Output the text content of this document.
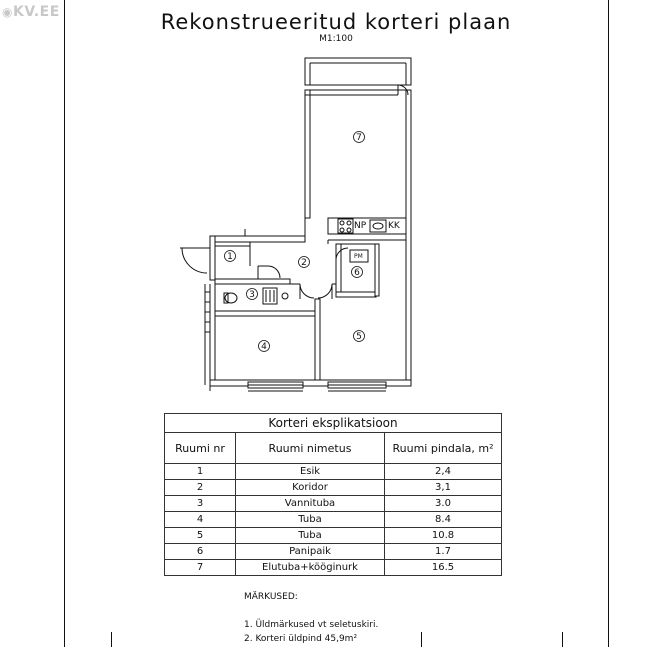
◉KV.EE	Rekonstrueeritud korteri plaan
M1:100
1
2
3
4
5
6
7
NP KK
PM
Korteri eksplikatsioon		
Ruumi nr	Ruumi nimetus	Ruumi pindala, m²
1	Esik	2,4
2	Koridor	3,1
3	Vannituba	3.0
4	Tuba	8.4
5	Tuba	10.8
6	Panipaik	1.7
7	Elutuba+kööginurk	16.5
MÄRKUSED:
1. Üldmärkused vt seletuskiri.
2. Korteri üldpind 45,9m²
